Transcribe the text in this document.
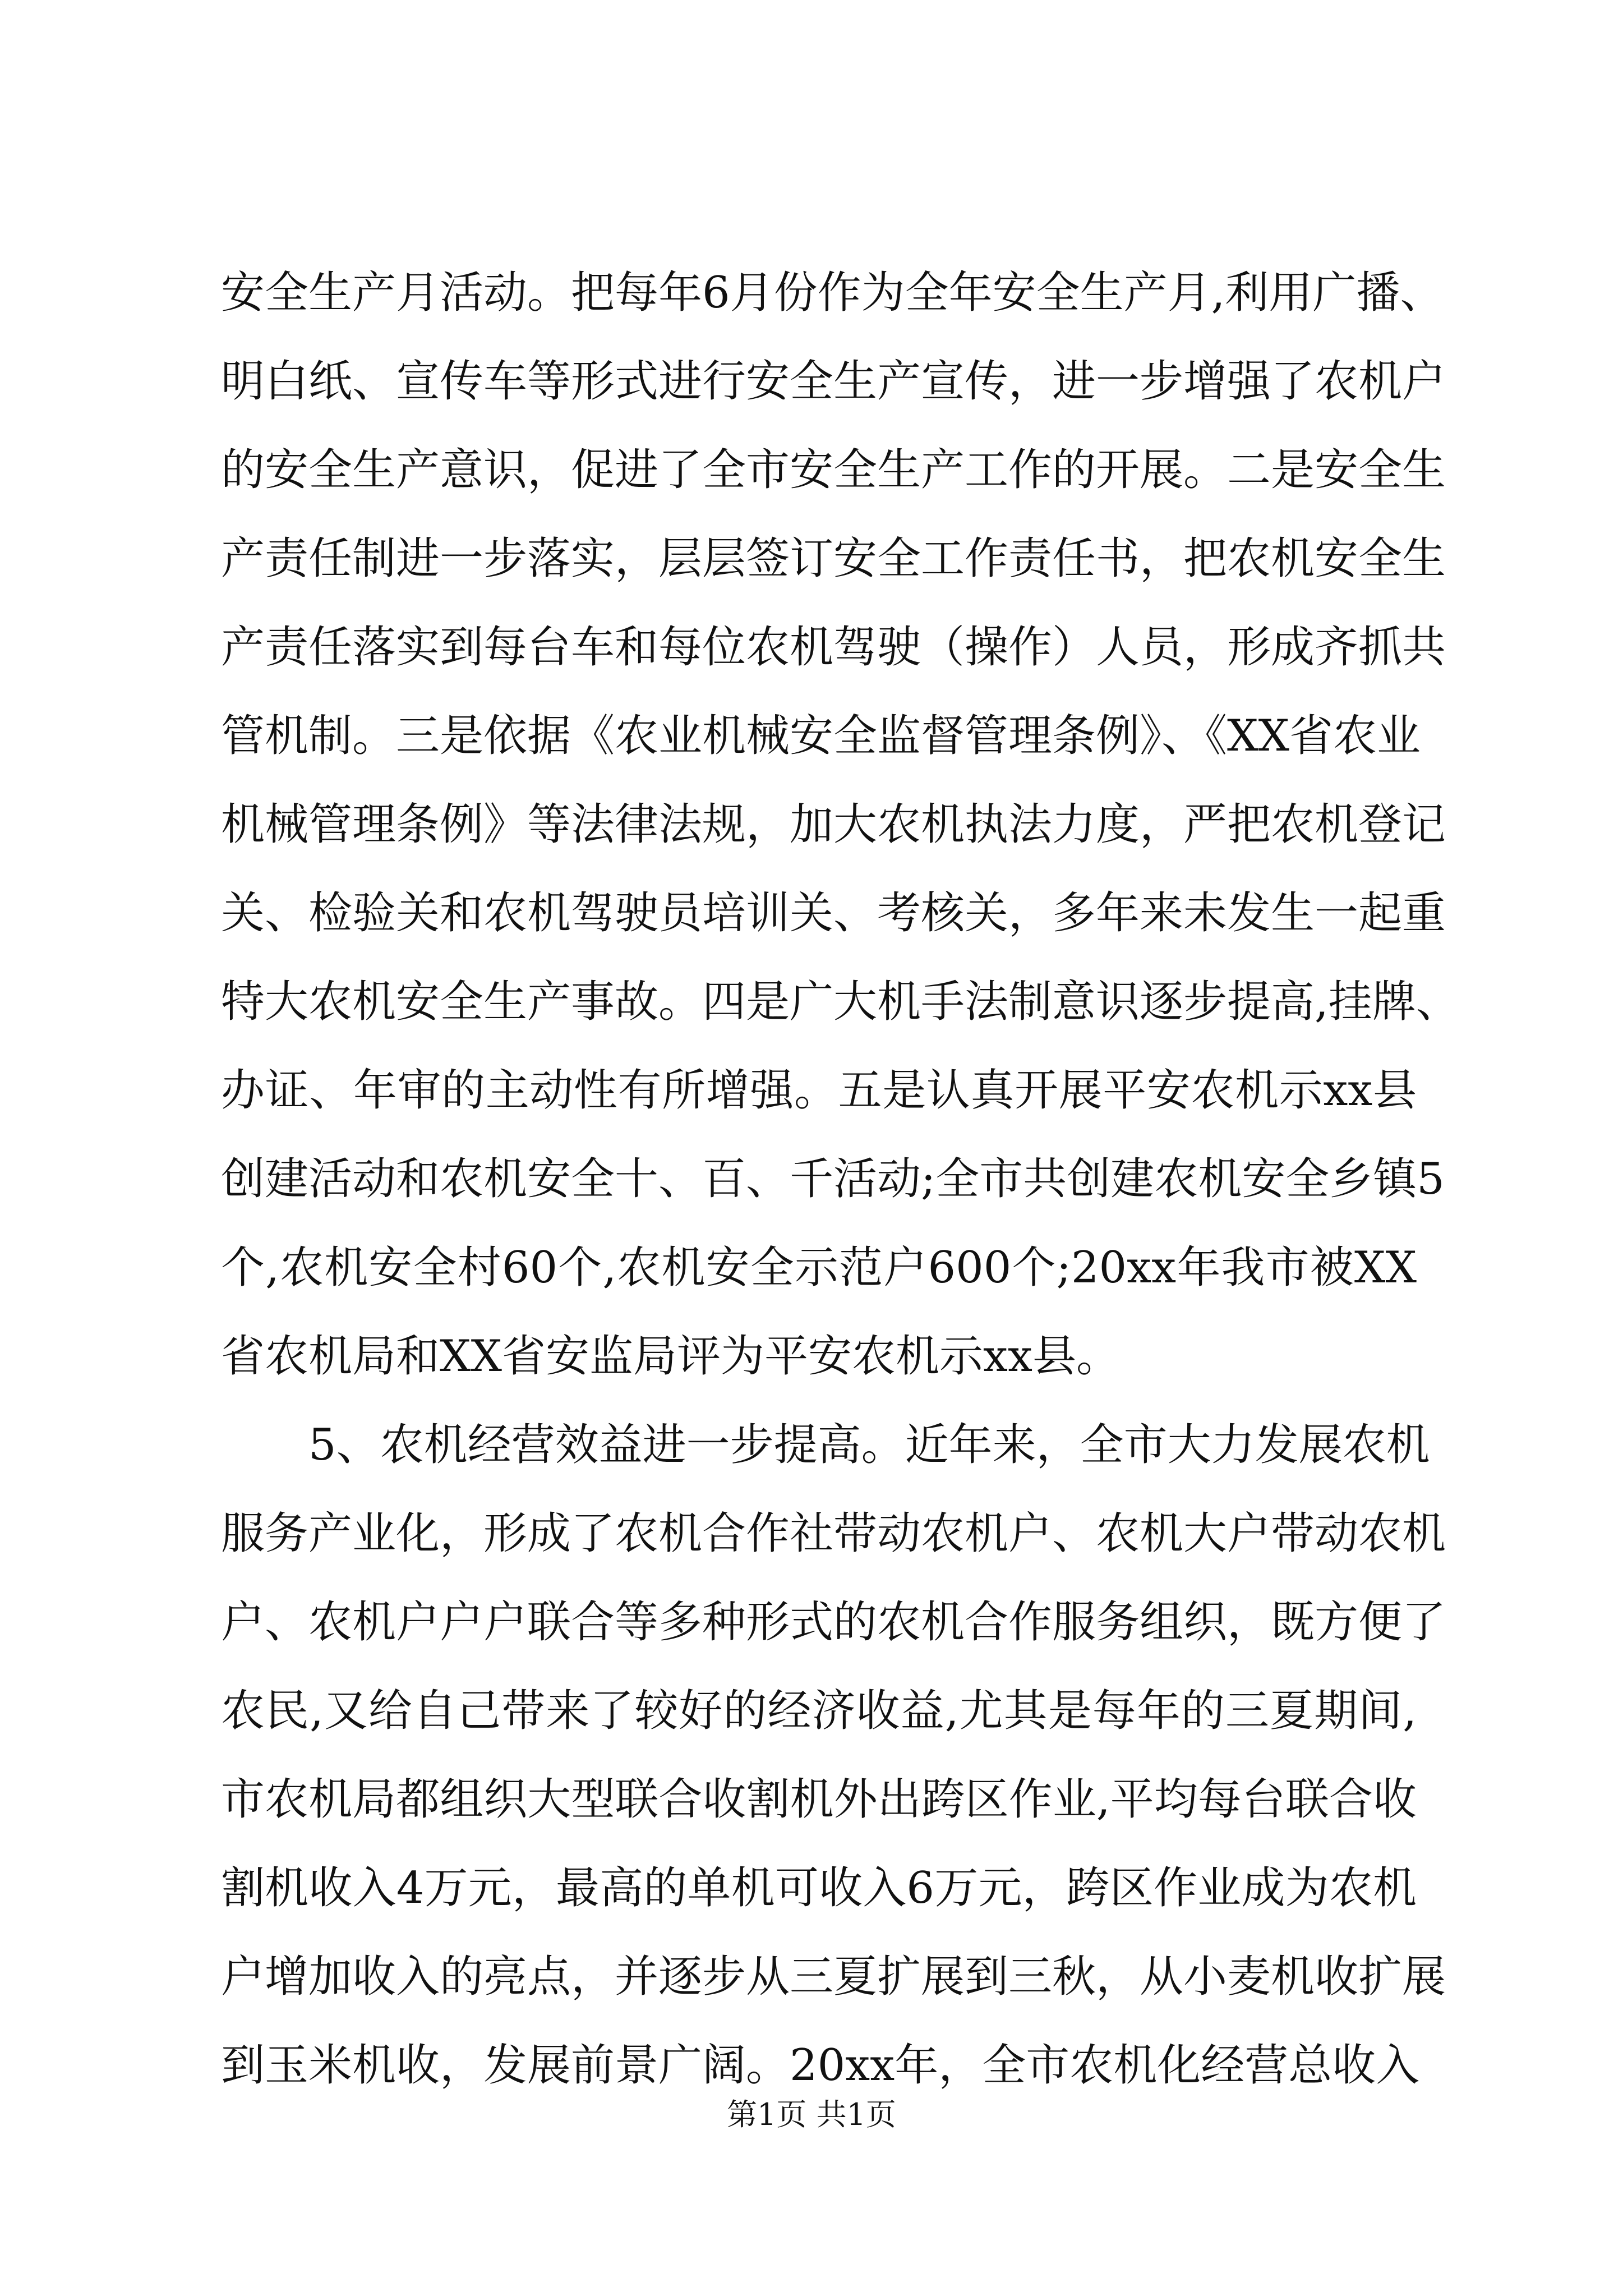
安全生产月活动。把每年6月份作为全年安全生产月,利用广播、
明白纸、宣传车等形式进行安全生产宣传，进一步增强了农机户
的安全生产意识，促进了全市安全生产工作的开展。二是安全生
产责任制进一步落实，层层签订安全工作责任书，把农机安全生
产责任落实到每台车和每位农机驾驶（操作）人员，形成齐抓共
管机制。三是依据《农业机械安全监督管理条例》、《XX省农业
机械管理条例》等法律法规，加大农机执法力度，严把农机登记
关、检验关和农机驾驶员培训关、考核关，多年来未发生一起重
特大农机安全生产事故。四是广大机手法制意识逐步提高,挂牌、
办证、年审的主动性有所增强。五是认真开展平安农机示xx县
创建活动和农机安全十、百、千活动;全市共创建农机安全乡镇5
个,农机安全村60个,农机安全示范户600个;20xx年我市被XX
省农机局和XX省安监局评为平安农机示xx县。
　　5、农机经营效益进一步提高。近年来，全市大力发展农机
服务产业化，形成了农机合作社带动农机户、农机大户带动农机
户、农机户户户联合等多种形式的农机合作服务组织，既方便了
农民,又给自己带来了较好的经济收益,尤其是每年的三夏期间,
市农机局都组织大型联合收割机外出跨区作业,平均每台联合收
割机收入4万元，最高的单机可收入6万元，跨区作业成为农机
户增加收入的亮点，并逐步从三夏扩展到三秋，从小麦机收扩展
到玉米机收，发展前景广阔。20xx年，全市农机化经营总收入
第1页 共1页
